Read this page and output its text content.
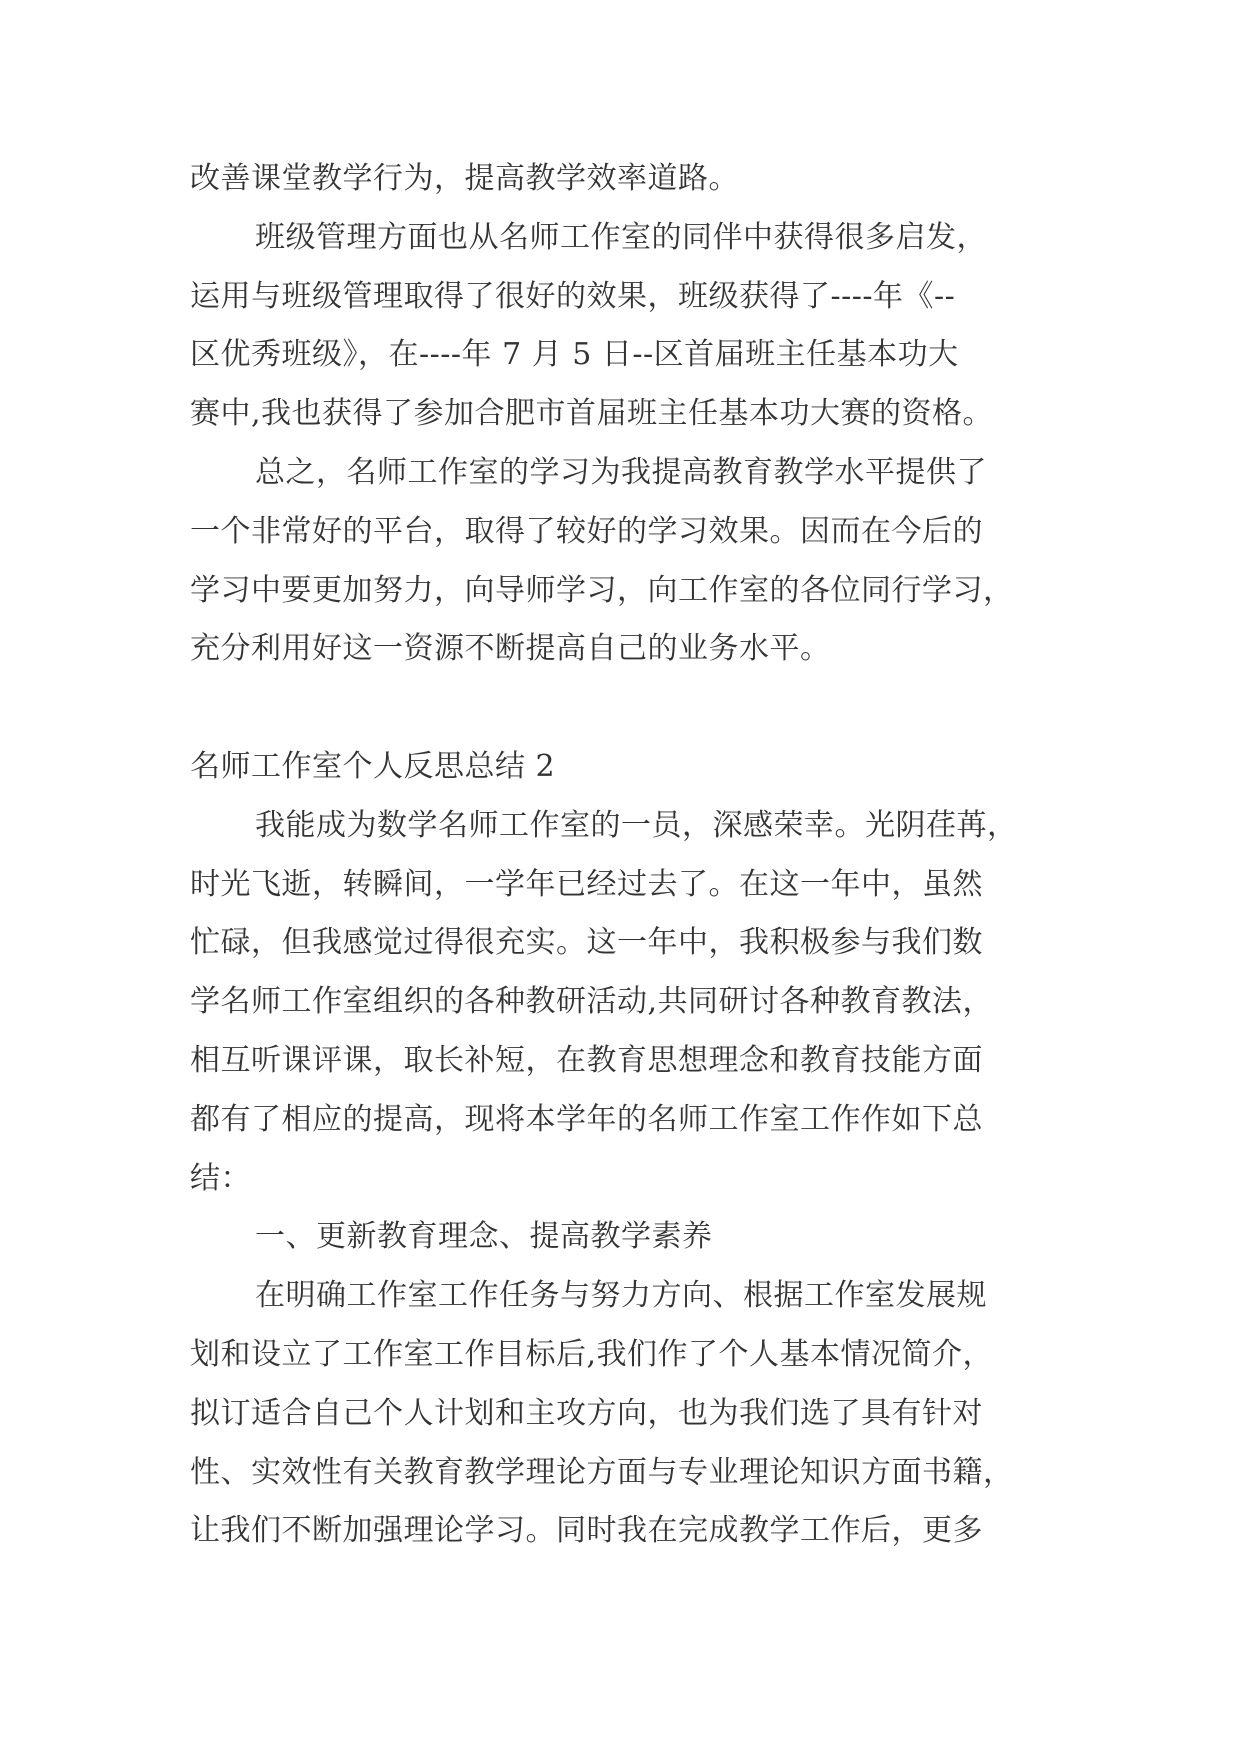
改善课堂教学行为，提高教学效率道路。
班级管理方面也从名师工作室的同伴中获得很多启发，
运用与班级管理取得了很好的效果，班级获得了----年《--
区优秀班级》，在----年 7 月 5 日--区首届班主任基本功大
赛中,我也获得了参加合肥市首届班主任基本功大赛的资格。
总之，名师工作室的学习为我提高教育教学水平提供了
一个非常好的平台，取得了较好的学习效果。因而在今后的
学习中要更加努力，向导师学习，向工作室的各位同行学习，
充分利用好这一资源不断提高自己的业务水平。
名师工作室个人反思总结 2
我能成为数学名师工作室的一员，深感荣幸。光阴荏苒，
时光飞逝，转瞬间，一学年已经过去了。在这一年中，虽然
忙碌，但我感觉过得很充实。这一年中，我积极参与我们数
学名师工作室组织的各种教研活动,共同研讨各种教育教法，
相互听课评课，取长补短，在教育思想理念和教育技能方面
都有了相应的提高，现将本学年的名师工作室工作作如下总
结：
一、更新教育理念、提高教学素养
在明确工作室工作任务与努力方向、根据工作室发展规
划和设立了工作室工作目标后,我们作了个人基本情况简介，
拟订适合自己个人计划和主攻方向，也为我们选了具有针对
性、实效性有关教育教学理论方面与专业理论知识方面书籍，
让我们不断加强理论学习。同时我在完成教学工作后，更多
